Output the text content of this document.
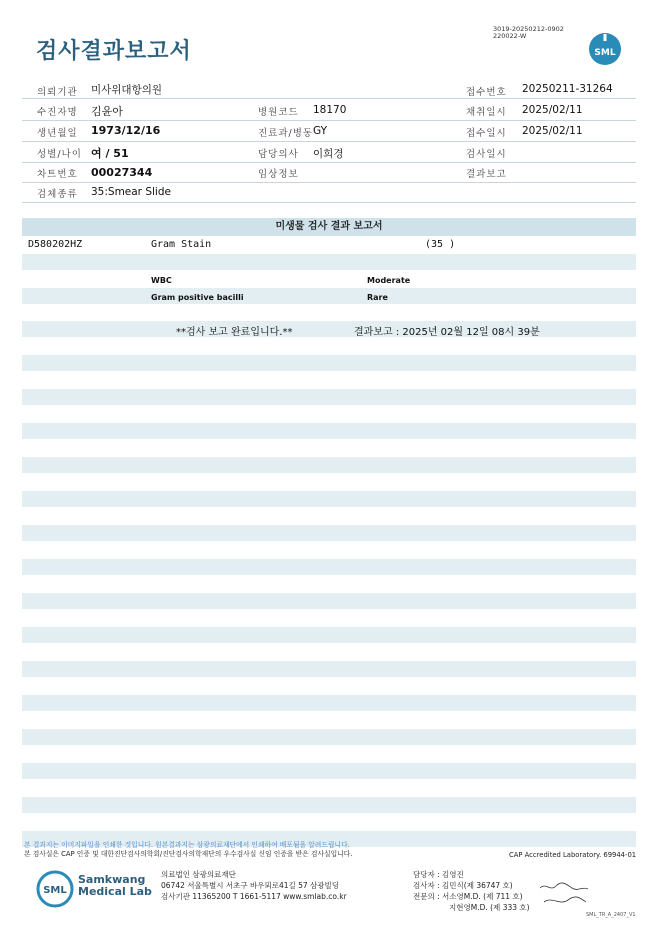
검사결과보고서
3019-20250212-0902
220022-W
SML
의뢰기관 미사위대항의원	접수번호 20250211-31264
수진자명 김윤아	병원코드 18170	채취일시 2025/02/11
생년월일 1973/12/16	진료과/병동 GY	접수일시 2025/02/11
성별/나이 여 / 51	담당의사 이희경	검사일시
차트번호 00027344	임상정보	결과보고
검체종류 35:Smear Slide
미생물 검사 결과 보고서
D580202HZ	Gram Stain	(35 )
WBC	Moderate
Gram positive bacilli	Rare
**검사 보고 완료입니다.**	결과보고 : 2025년 02월 12일 08시 39분
본 결과지는 이미지파일을 인쇄한 것입니다. 원본결과지는 삼광의료재단에서 인쇄하여 배포됨을 알려드립니다.
본 검사실은 CAP 인증 및 대한진단검사의학회/진단검사의학재단의 우수검사실 신임 인증을 받은 검사실입니다.	CAP Accredited Laboratory. 69944-01
SML
Samkwang
Medical Lab
의료법인 삼광의료재단
06742 서울특별시 서초구 바우뫼로41길 57 삼광빌딩
검사기관 11365200 T 1661-5117 www.smlab.co.kr
담당자 : 김영진
검사자 : 김민식(제 36747 호)
전문의 : 서소영M.D. (제 711 호)
지현영M.D. (제 333 호)
SML_TR_A_2407_V1
